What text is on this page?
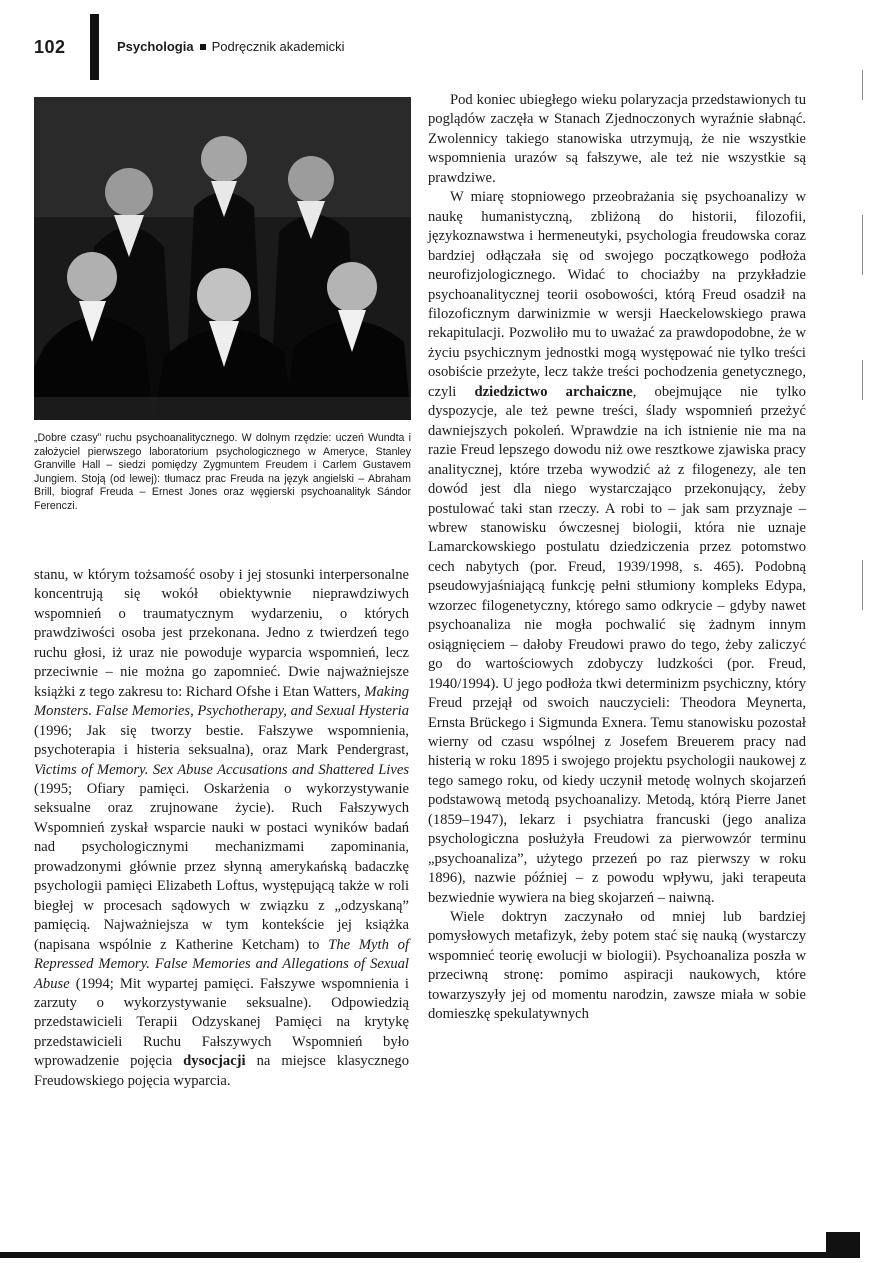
102	Psychologia Podręcznik akademicki

„Dobre czasy” ruchu psychoanalitycznego. W dolnym rzędzie: uczeń Wundta i założyciel pierwszego laboratorium psychologicznego w Ameryce, Stanley Granville Hall – siedzi pomiędzy Zygmuntem Freudem i Carlem Gustavem Jungiem. Stoją (od lewej): tłumacz prac Freuda na język angielski – Abraham Brill, biograf Freuda – Ernest Jones oraz węgierski psychoanalityk Sándor Ferenczi.

stanu, w którym tożsamość osoby i jej stosunki interpersonalne koncentrują się wokół obiektywnie nieprawdziwych wspomnień o traumatycznym wydarzeniu, o których prawdziwości osoba jest przekonana. Jedno z twierdzeń tego ruchu głosi, iż uraz nie powoduje wyparcia wspomnień, lecz przeciwnie – nie można go zapomnieć. Dwie najważniejsze książki z tego zakresu to: Richard Ofshe i Etan Watters, Making Monsters. False Memories, Psychotherapy, and Sexual Hysteria (1996; Jak się tworzy bestie. Fałszywe wspomnienia, psychoterapia i histeria seksualna), oraz Mark Pendergrast, Victims of Memory. Sex Abuse Accusations and Shattered Lives (1995; Ofiary pamięci. Oskarżenia o wykorzystywanie seksualne oraz zrujnowane życie). Ruch Fałszywych Wspomnień zyskał wsparcie nauki w postaci wyników badań nad psychologicznymi mechanizmami zapominania, prowadzonymi głównie przez słynną amerykańską badaczkę psychologii pamięci Elizabeth Loftus, występującą także w roli biegłej w procesach sądowych w związku z „odzyskaną” pamięcią. Najważniejsza w tym kontekście jej książka (napisana wspólnie z Katherine Ketcham) to The Myth of Repressed Memory. False Memories and Allegations of Sexual Abuse (1994; Mit wypartej pamięci. Fałszywe wspomnienia i zarzuty o wykorzystywanie seksualne). Odpowiedzią przedstawicieli Terapii Odzyskanej Pamięci na krytykę przedstawicieli Ruchu Fałszywych Wspomnień było wprowadzenie pojęcia dysocjacji na miejsce klasycznego Freudowskiego pojęcia wyparcia.

Pod koniec ubiegłego wieku polaryzacja przedstawionych tu poglądów zaczęła w Stanach Zjednoczonych wyraźnie słabnąć. Zwolennicy takiego stanowiska utrzymują, że nie wszystkie wspomnienia urazów są fałszywe, ale też nie wszystkie są prawdziwe.

W miarę stopniowego przeobrażania się psychoanalizy w naukę humanistyczną, zbliżoną do historii, filozofii, językoznawstwa i hermeneutyki, psychologia freudowska coraz bardziej odłączała się od swojego początkowego podłoża neurofizjologicznego. Widać to chociażby na przykładzie psychoanalitycznej teorii osobowości, którą Freud osadził na filozoficznym darwinizmie w wersji Haeckelowskiego prawa rekapitulacji. Pozwoliło mu to uważać za prawdopodobne, że w życiu psychicznym jednostki mogą występować nie tylko treści osobiście przeżyte, lecz także treści pochodzenia genetycznego, czyli dziedzictwo archaiczne, obejmujące nie tylko dyspozycje, ale też pewne treści, ślady wspomnień przeżyć dawniejszych pokoleń. Wprawdzie na ich istnienie nie ma na razie Freud lepszego dowodu niż owe resztkowe zjawiska pracy analitycznej, które trzeba wywodzić aż z filogenezy, ale ten dowód jest dla niego wystarczająco przekonujący, żeby postulować taki stan rzeczy. A robi to – jak sam przyznaje – wbrew stanowisku ówczesnej biologii, która nie uznaje Lamarckowskiego postulatu dziedziczenia przez potomstwo cech nabytych (por. Freud, 1939/1998, s. 465). Podobną pseudowyjaśniającą funkcję pełni stłumiony kompleks Edypa, wzorzec filogenetyczny, którego samo odkrycie – gdyby nawet psychoanaliza nie mogła pochwalić się żadnym innym osiągnięciem – dałoby Freudowi prawo do tego, żeby zaliczyć go do wartościowych zdobyczy ludzkości (por. Freud, 1940/1994). U jego podłoża tkwi determinizm psychiczny, który Freud przejął od swoich nauczycieli: Theodora Meynerta, Ernsta Brückego i Sigmunda Exnera. Temu stanowisku pozostał wierny od czasu wspólnej z Josefem Breuerem pracy nad histerią w roku 1895 i swojego projektu psychologii naukowej z tego samego roku, od kiedy uczynił metodę wolnych skojarzeń podstawową metodą psychoanalizy. Metodą, którą Pierre Janet (1859–1947), lekarz i psychiatra francuski (jego analiza psychologiczna posłużyła Freudowi za pierwowzór terminu „psychoanaliza”, użytego przezeń po raz pierwszy w roku 1896), nazwie później – z powodu wpływu, jaki terapeuta bezwiednie wywiera na bieg skojarzeń – naiwną.

Wiele doktryn zaczynało od mniej lub bardziej pomysłowych metafizyk, żeby potem stać się nauką (wystarczy wspomnieć teorię ewolucji w biologii). Psychoanaliza poszła w przeciwną stronę: pomimo aspiracji naukowych, które towarzyszyły jej od momentu narodzin, zawsze miała w sobie domieszkę spekulatywnych
